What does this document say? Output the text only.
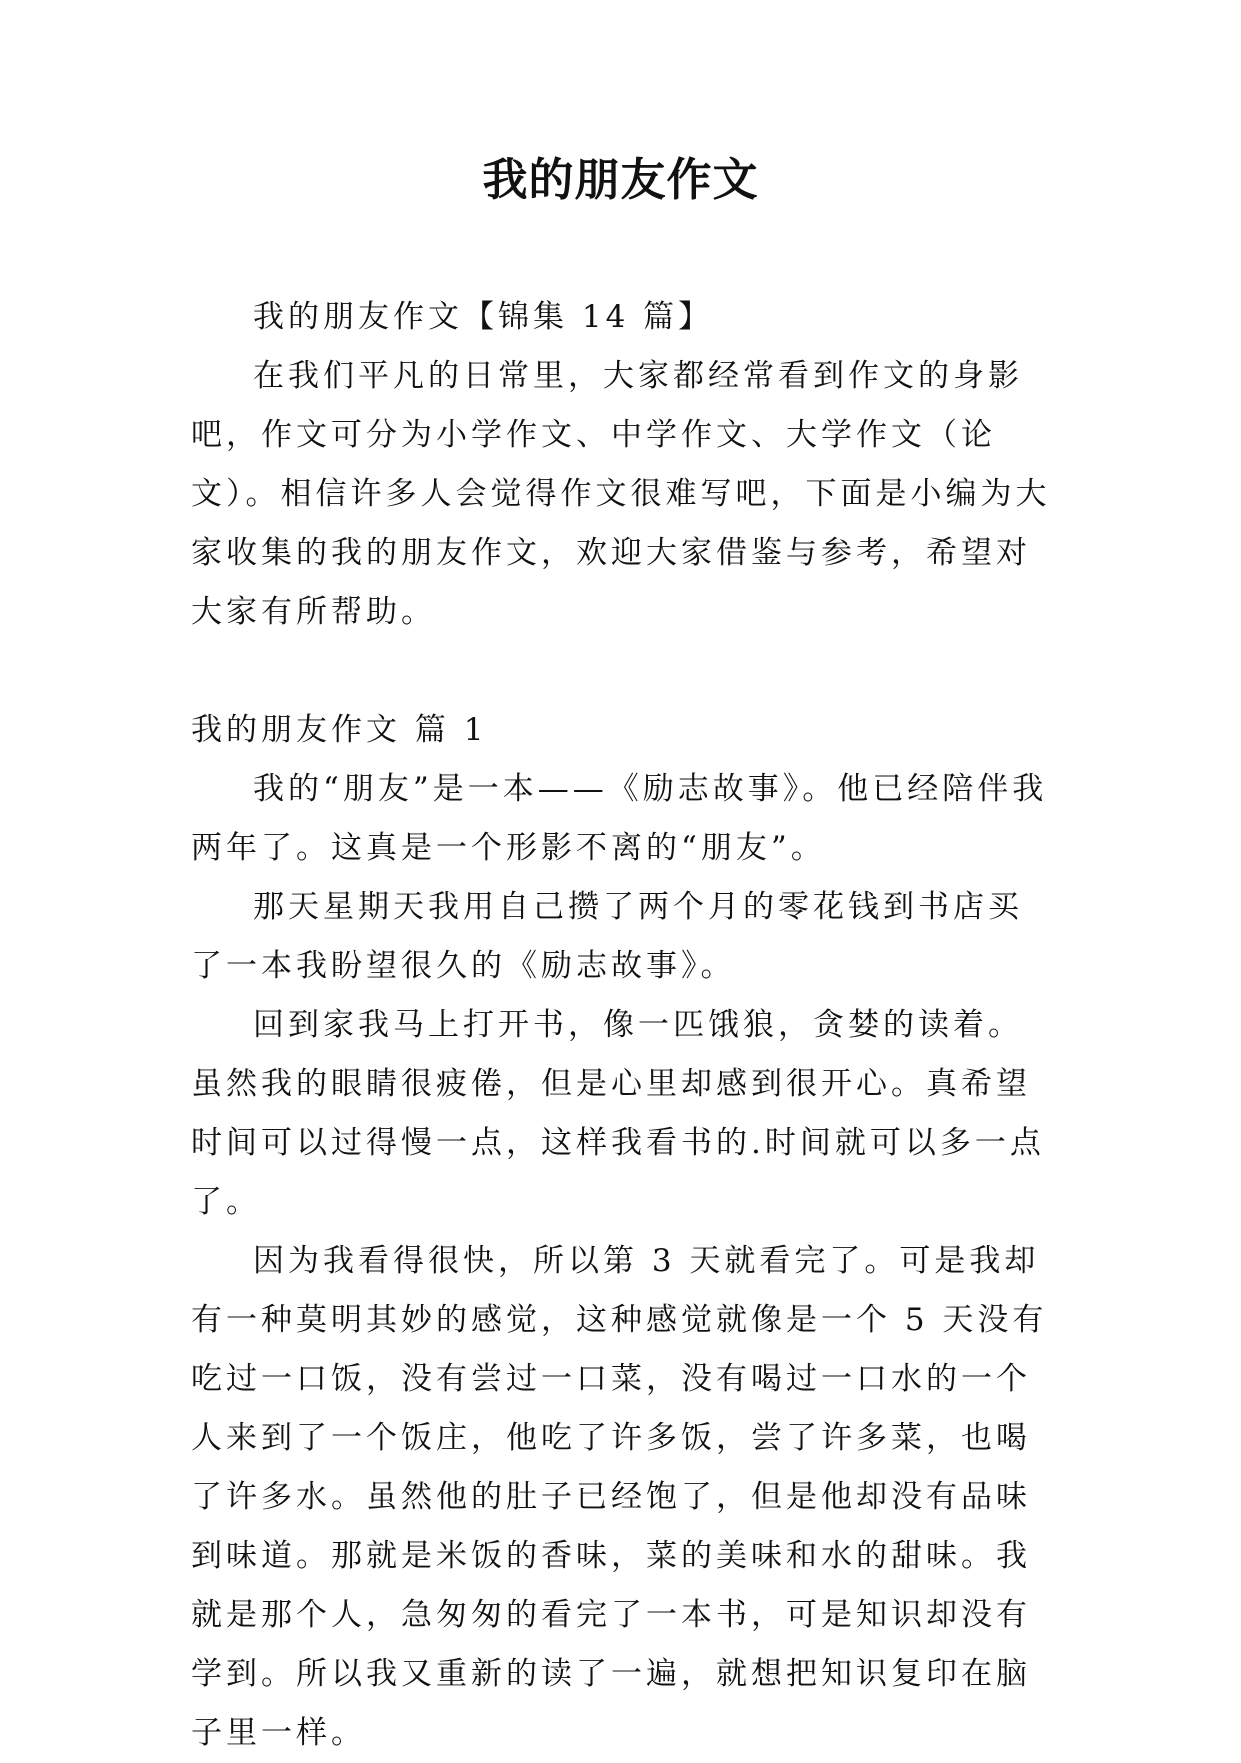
我的朋友作文

我的朋友作文【锦集 14 篇】

在我们平凡的日常里，大家都经常看到作文的身影吧，作文可分为小学作文、中学作文、大学作文（论文）。相信许多人会觉得作文很难写吧，下面是小编为大家收集的我的朋友作文，欢迎大家借鉴与参考，希望对大家有所帮助。

我的朋友作文 篇 1

我的“朋友”是一本——《励志故事》。他已经陪伴我两年了。这真是一个形影不离的“朋友”。

那天星期天我用自己攒了两个月的零花钱到书店买了一本我盼望很久的《励志故事》。

回到家我马上打开书，像一匹饿狼，贪婪的读着。虽然我的眼睛很疲倦，但是心里却感到很开心。真希望时间可以过得慢一点，这样我看书的.时间就可以多一点了。

因为我看得很快，所以第 3 天就看完了。可是我却有一种莫明其妙的感觉，这种感觉就像是一个 5 天没有吃过一口饭，没有尝过一口菜，没有喝过一口水的一个人来到了一个饭庄，他吃了许多饭，尝了许多菜，也喝了许多水。虽然他的肚子已经饱了，但是他却没有品味到味道。那就是米饭的香味，菜的美味和水的甜味。我就是那个人，急匆匆的看完了一本书，可是知识却没有学到。所以我又重新的读了一遍，就想把知识复印在脑子里一样。
